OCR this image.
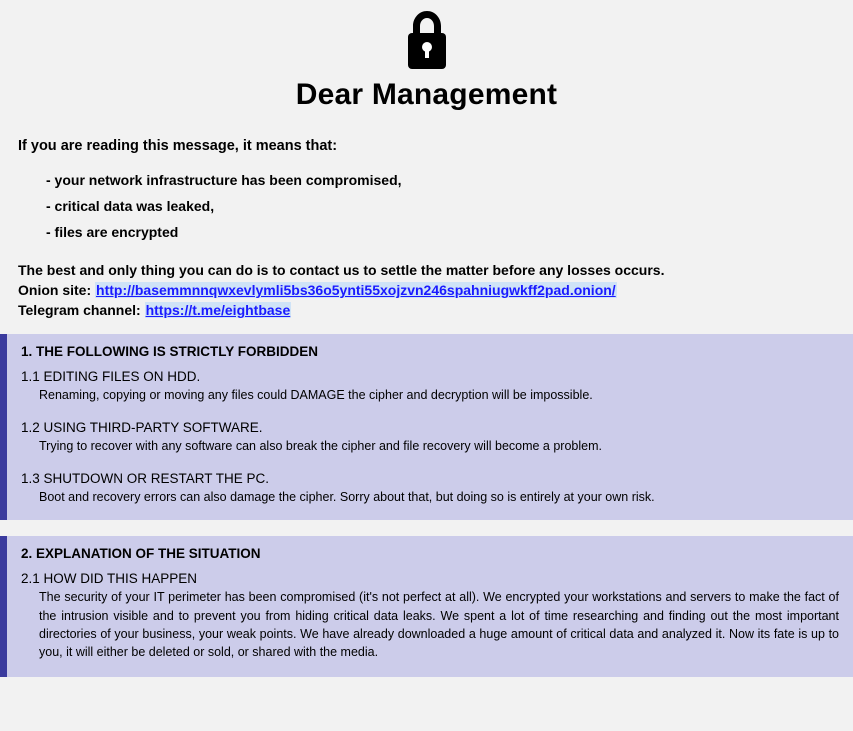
Dear Management
If you are reading this message, it means that:
- your network infrastructure has been compromised,
- critical data was leaked,
- files are encrypted
The best and only thing you can do is to contact us to settle the matter before any losses occurs.
Onion site: http://basemmnnqwxevlymli5bs36o5ynti55xojzvn246spahniugwkff2pad.onion/
Telegram channel: https://t.me/eightbase
1. THE FOLLOWING IS STRICTLY FORBIDDEN
1.1 EDITING FILES ON HDD.
Renaming, copying or moving any files could DAMAGE the cipher and decryption will be impossible.
1.2 USING THIRD-PARTY SOFTWARE.
Trying to recover with any software can also break the cipher and file recovery will become a problem.
1.3 SHUTDOWN OR RESTART THE PC.
Boot and recovery errors can also damage the cipher. Sorry about that, but doing so is entirely at your own risk.
2. EXPLANATION OF THE SITUATION
2.1 HOW DID THIS HAPPEN
The security of your IT perimeter has been compromised (it's not perfect at all). We encrypted your workstations and servers to make the fact of the intrusion visible and to prevent you from hiding critical data leaks. We spent a lot of time researching and finding out the most important directories of your business, your weak points. We have already downloaded a huge amount of critical data and analyzed it. Now its fate is up to you, it will either be deleted or sold, or shared with the media.
